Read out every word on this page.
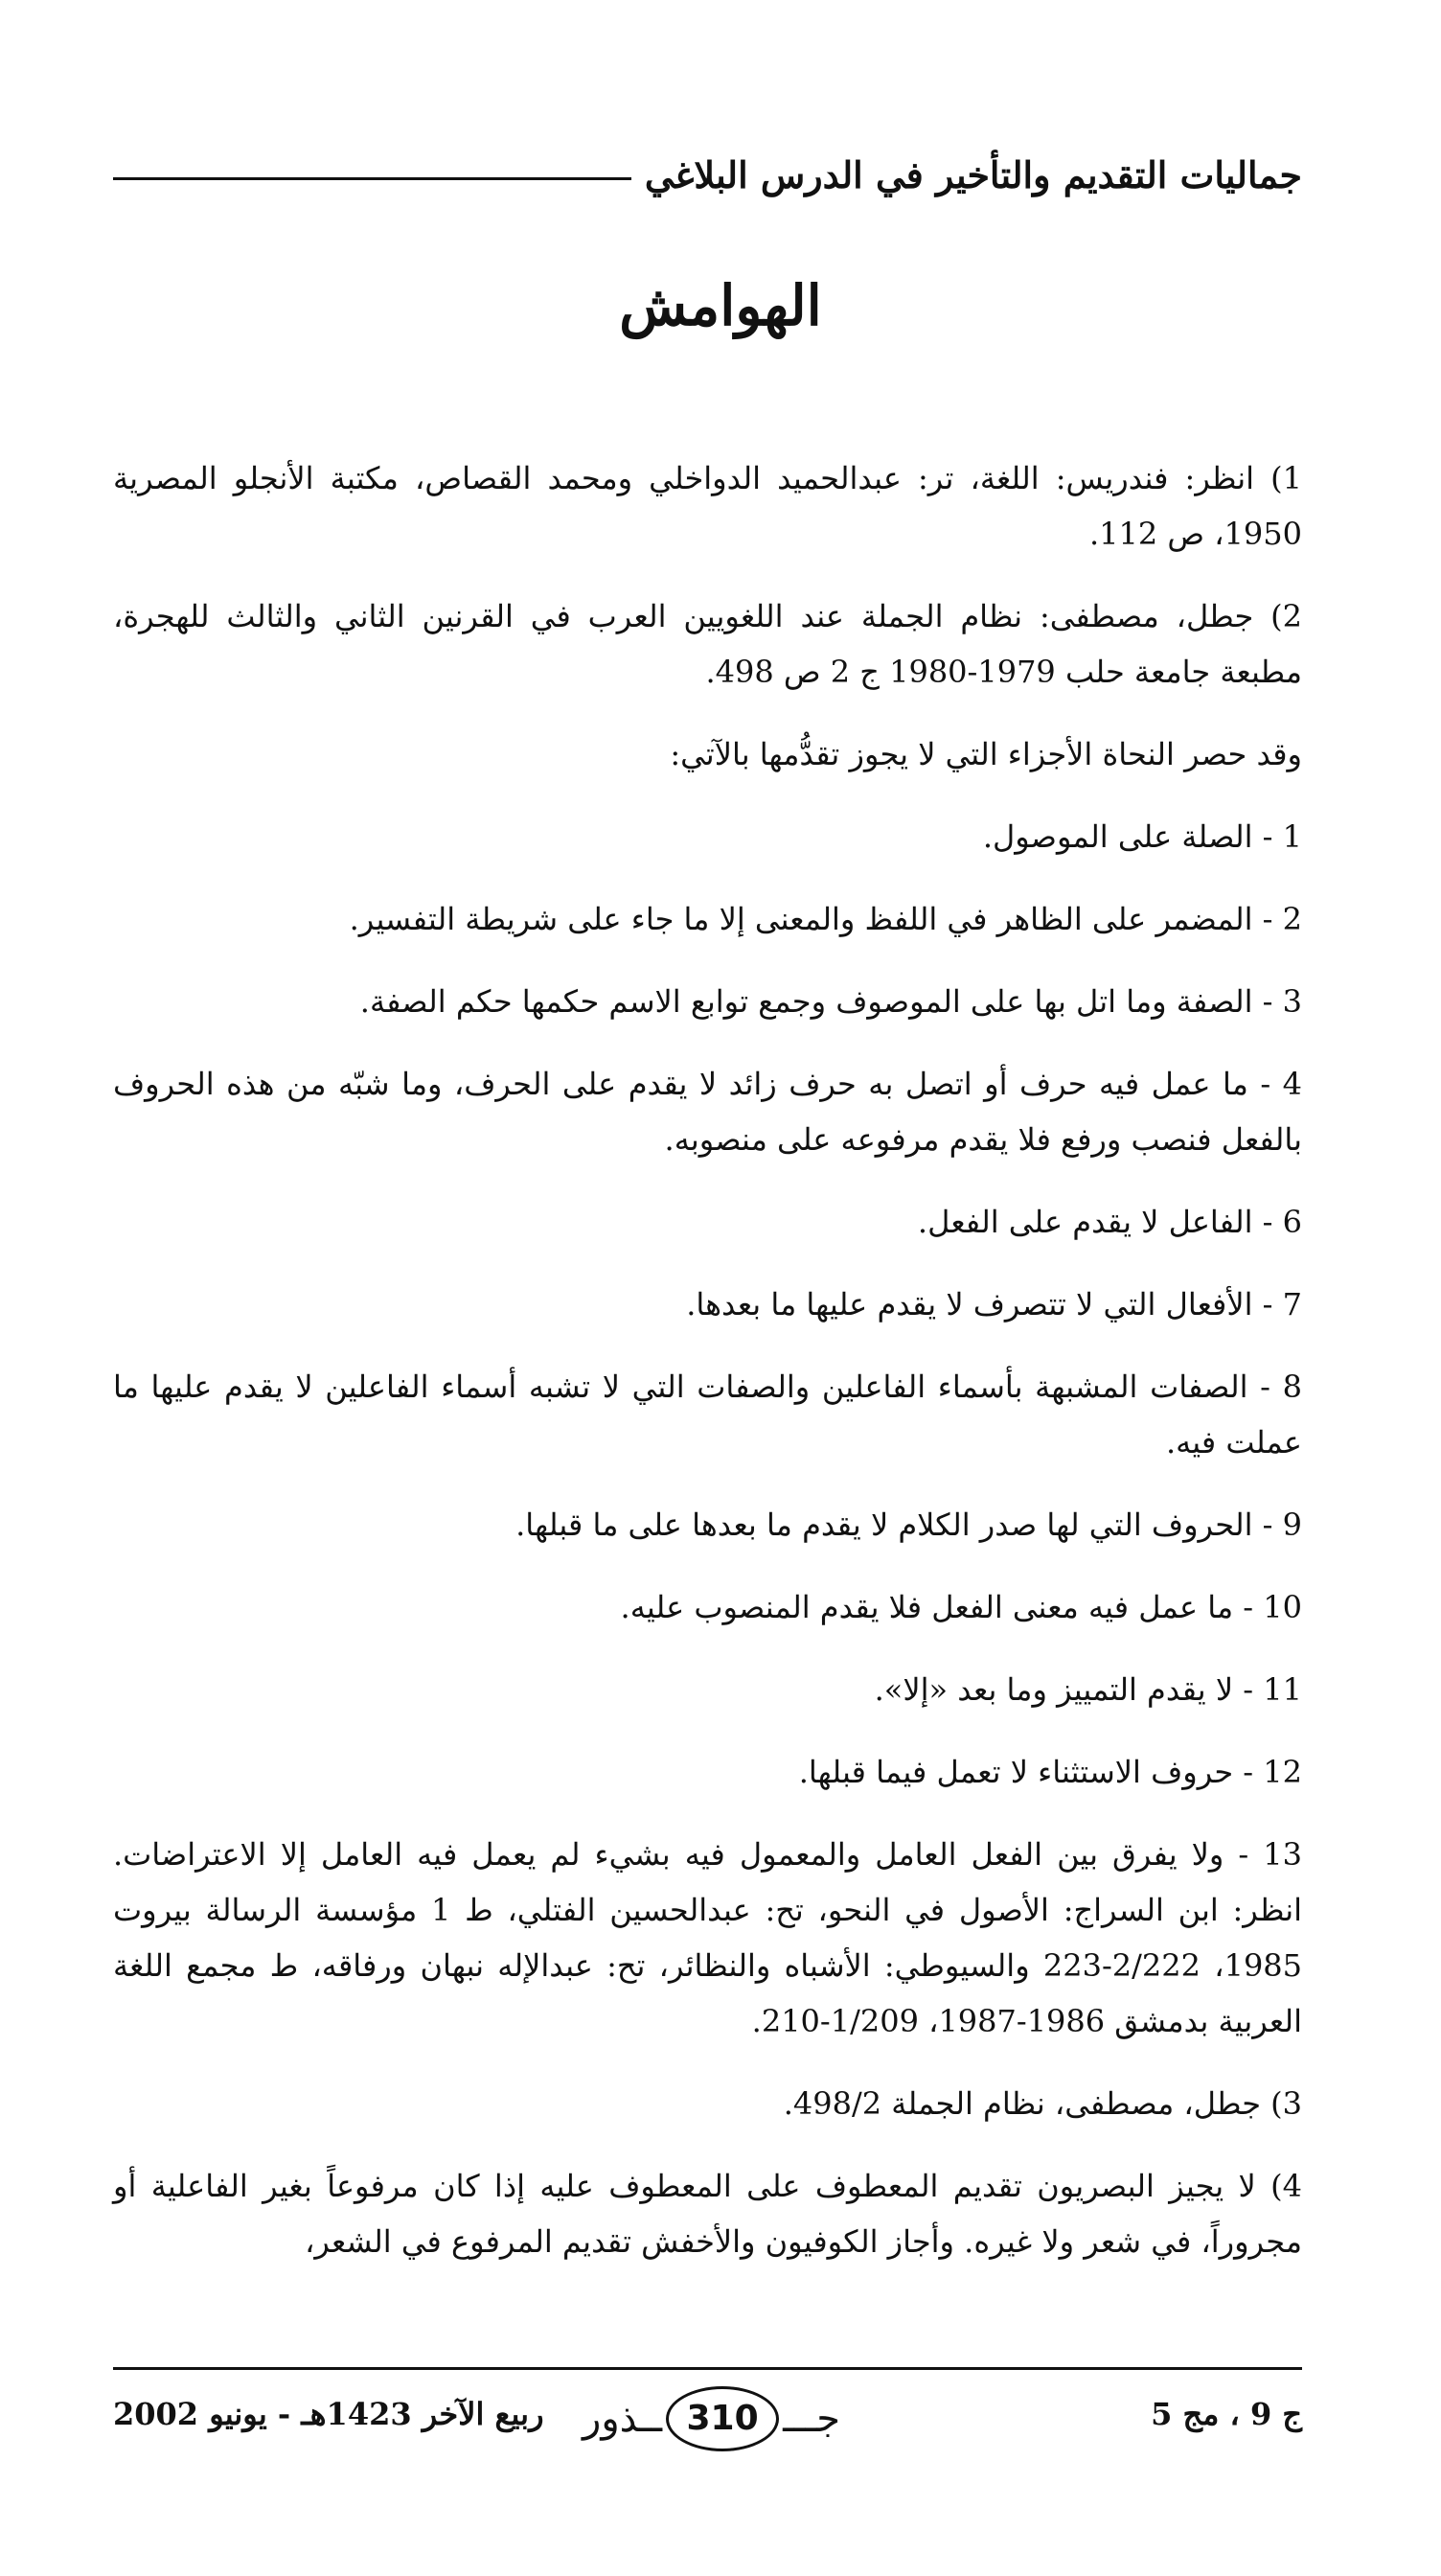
جماليات التقديم والتأخير في الدرس البلاغي
الهوامش

1) انظر: فندريس: اللغة، تر: عبدالحميد الدواخلي ومحمد القصاص، مكتبة الأنجلو المصرية 1950، ص 112.

2) جطل، مصطفى: نظام الجملة عند اللغويين العرب في القرنين الثاني والثالث للهجرة، مطبعة جامعة حلب 1979-1980 ج 2 ص 498.

وقد حصر النحاة الأجزاء التي لا يجوز تقدُّمها بالآتي:

1 - الصلة على الموصول.

2 - المضمر على الظاهر في اللفظ والمعنى إلا ما جاء على شريطة التفسير.

3 - الصفة وما اتل بها على الموصوف وجمع توابع الاسم حكمها حكم الصفة.

4 - ما عمل فيه حرف أو اتصل به حرف زائد لا يقدم على الحرف، وما شبّه من هذه الحروف بالفعل فنصب ورفع فلا يقدم مرفوعه على منصوبه.

6 - الفاعل لا يقدم على الفعل.

7 - الأفعال التي لا تتصرف لا يقدم عليها ما بعدها.

8 - الصفات المشبهة بأسماء الفاعلين والصفات التي لا تشبه أسماء الفاعلين لا يقدم عليها ما عملت فيه.

9 - الحروف التي لها صدر الكلام لا يقدم ما بعدها على ما قبلها.

10 - ما عمل فيه معنى الفعل فلا يقدم المنصوب عليه.

11 - لا يقدم التمييز وما بعد «إلا».

12 - حروف الاستثناء لا تعمل فيما قبلها.

13 - ولا يفرق بين الفعل العامل والمعمول فيه بشيء لم يعمل فيه العامل إلا الاعتراضات. انظر: ابن السراج: الأصول في النحو، تح: عبدالحسين الفتلي، ط 1 مؤسسة الرسالة بيروت 1985، 2/222-223 والسيوطي: الأشباه والنظائر، تح: عبدالإله نبهان ورفاقه، ط مجمع اللغة العربية بدمشق 1986-1987، 1/209-210.

3) جطل، مصطفى، نظام الجملة 498/2.

4) لا يجيز البصريون تقديم المعطوف على المعطوف عليه إذا كان مرفوعاً بغير الفاعلية أو مجروراً، في شعر ولا غيره. وأجاز الكوفيون والأخفش تقديم المرفوع في الشعر،

ربيع الآخر 1423هـ - يونيو 2002 ــذور 310 جـــ	ج 9 ، مج 5
